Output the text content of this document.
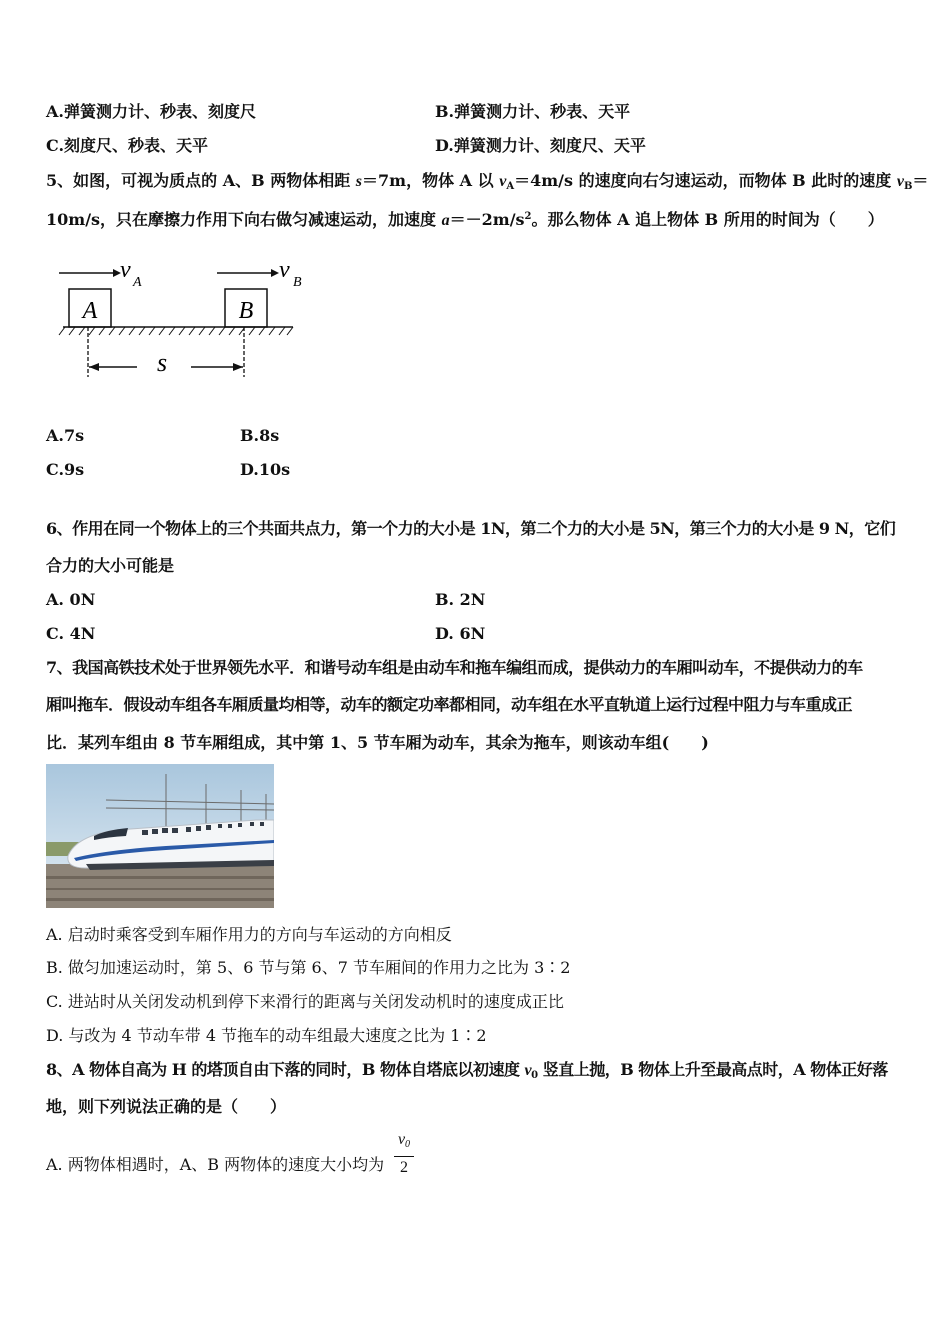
A.弹簧测力计、秒表、刻度尺	B.弹簧测力计、秒表、天平
C.刻度尺、秒表、天平	D.弹簧测力计、刻度尺、天平
5、如图，可视为质点的 A、B 两物体相距 s＝7m，物体 A 以 $v_A=4m/s$ 的速度向右匀速运动，而物体 B 此时的速度 $v_B=$
10m/s，只在摩擦力作用下向右做匀减速运动，加速度 $a=-2m/s^2$。那么物体 A 追上物体 B 所用的时间为（　　）
v A	v B
A	B
s
A.7s	B.8s
C.9s	D.10s
6、作用在同一个物体上的三个共面共点力，第一个力的大小是 1N，第二个力的大小是 5N，第三个力的大小是 9 N，它们
合力的大小可能是
A. 0N	B. 2N
C. 4N	D. 6N
7、我国高铁技术处于世界领先水平．和谐号动车组是由动车和拖车编组而成，提供动力的车厢叫动车，不提供动力的车
厢叫拖车．假设动车组各车厢质量均相等，动车的额定功率都相同，动车组在水平直轨道上运行过程中阻力与车重成正
比．某列车组由 8 节车厢组成，其中第 1、5 节车厢为动车，其余为拖车，则该动车组(　　)
A. 启动时乘客受到车厢作用力的方向与车运动的方向相反
B. 做匀加速运动时，第 5、6 节与第 6、7 节车厢间的作用力之比为 3∶2
C. 进站时从关闭发动机到停下来滑行的距离与关闭发动机时的速度成正比
D. 与改为 4 节动车带 4 节拖车的动车组最大速度之比为 1∶2
8、A 物体自高为 H 的塔顶自由下落的同时，B 物体自塔底以初速度 $v_0$ 竖直上抛，B 物体上升至最高点时，A 物体正好落
地，则下列说法正确的是（　　）
A. 两物体相遇时，A、B 两物体的速度大小均为
$v_0$
2
